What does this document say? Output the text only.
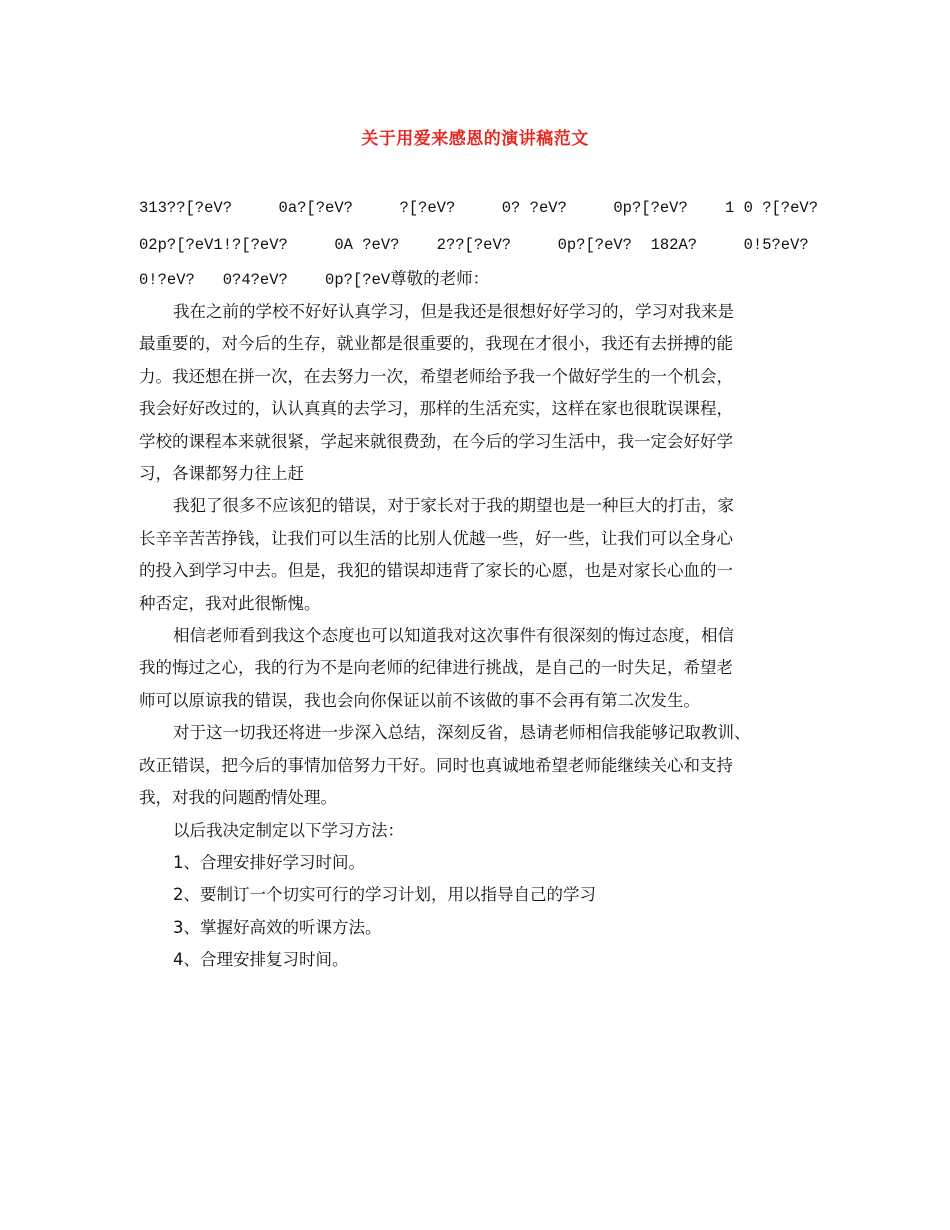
关于用爱来感恩的演讲稿范文
313??[?eV?     0a?[?eV?     ?[?eV?     0? ?eV?     0p?[?eV?    1 0 ?[?eV?
02p?[?eV1!?[?eV?     0A ?eV?    2??[?eV?     0p?[?eV?  182A?     0!5?eV?
0!?eV?   0?4?eV?    0p?[?eV尊敬的老师：
我在之前的学校不好好认真学习，但是我还是很想好好学习的，学习对我来是
最重要的，对今后的生存，就业都是很重要的，我现在才很小，我还有去拼搏的能
力。我还想在拼一次，在去努力一次，希望老师给予我一个做好学生的一个机会，
我会好好改过的，认认真真的去学习，那样的生活充实，这样在家也很耽误课程，
学校的课程本来就很紧，学起来就很费劲，在今后的学习生活中，我一定会好好学
习，各课都努力往上赶
我犯了很多不应该犯的错误，对于家长对于我的期望也是一种巨大的打击，家
长辛辛苦苦挣钱，让我们可以生活的比别人优越一些，好一些，让我们可以全身心
的投入到学习中去。但是，我犯的错误却违背了家长的心愿，也是对家长心血的一
种否定，我对此很惭愧。
相信老师看到我这个态度也可以知道我对这次事件有很深刻的悔过态度，相信
我的悔过之心，我的行为不是向老师的纪律进行挑战，是自己的一时失足，希望老
师可以原谅我的错误，我也会向你保证以前不该做的事不会再有第二次发生。
对于这一切我还将进一步深入总结，深刻反省，恳请老师相信我能够记取教训、
改正错误，把今后的事情加倍努力干好。同时也真诚地希望老师能继续关心和支持
我，对我的问题酌情处理。
以后我决定制定以下学习方法：
1、合理安排好学习时间。
2、要制订一个切实可行的学习计划，用以指导自己的学习
3、掌握好高效的听课方法。
4、合理安排复习时间。
